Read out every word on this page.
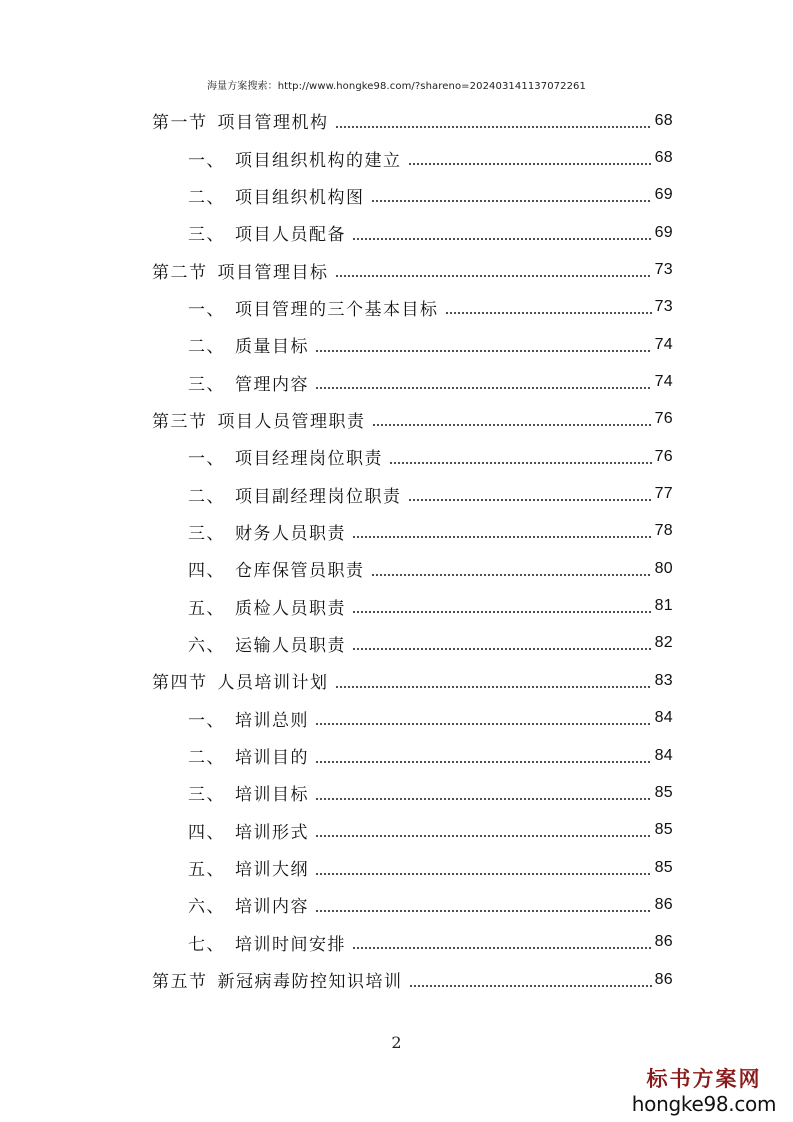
海量方案搜索：http://www.hongke98.com/?shareno=202403141137072261
第一节 项目管理机构	68
一、 项目组织机构的建立	68
二、 项目组织机构图	69
三、 项目人员配备	69
第二节 项目管理目标	73
一、 项目管理的三个基本目标	73
二、 质量目标	74
三、 管理内容	74
第三节 项目人员管理职责	76
一、 项目经理岗位职责	76
二、 项目副经理岗位职责	77
三、 财务人员职责	78
四、 仓库保管员职责	80
五、 质检人员职责	81
六、 运输人员职责	82
第四节 人员培训计划	83
一、 培训总则	84
二、 培训目的	84
三、 培训目标	85
四、 培训形式	85
五、 培训大纲	85
六、 培训内容	86
七、 培训时间安排	86
第五节 新冠病毒防控知识培训	86
2
标书方案网
hongke98.com
